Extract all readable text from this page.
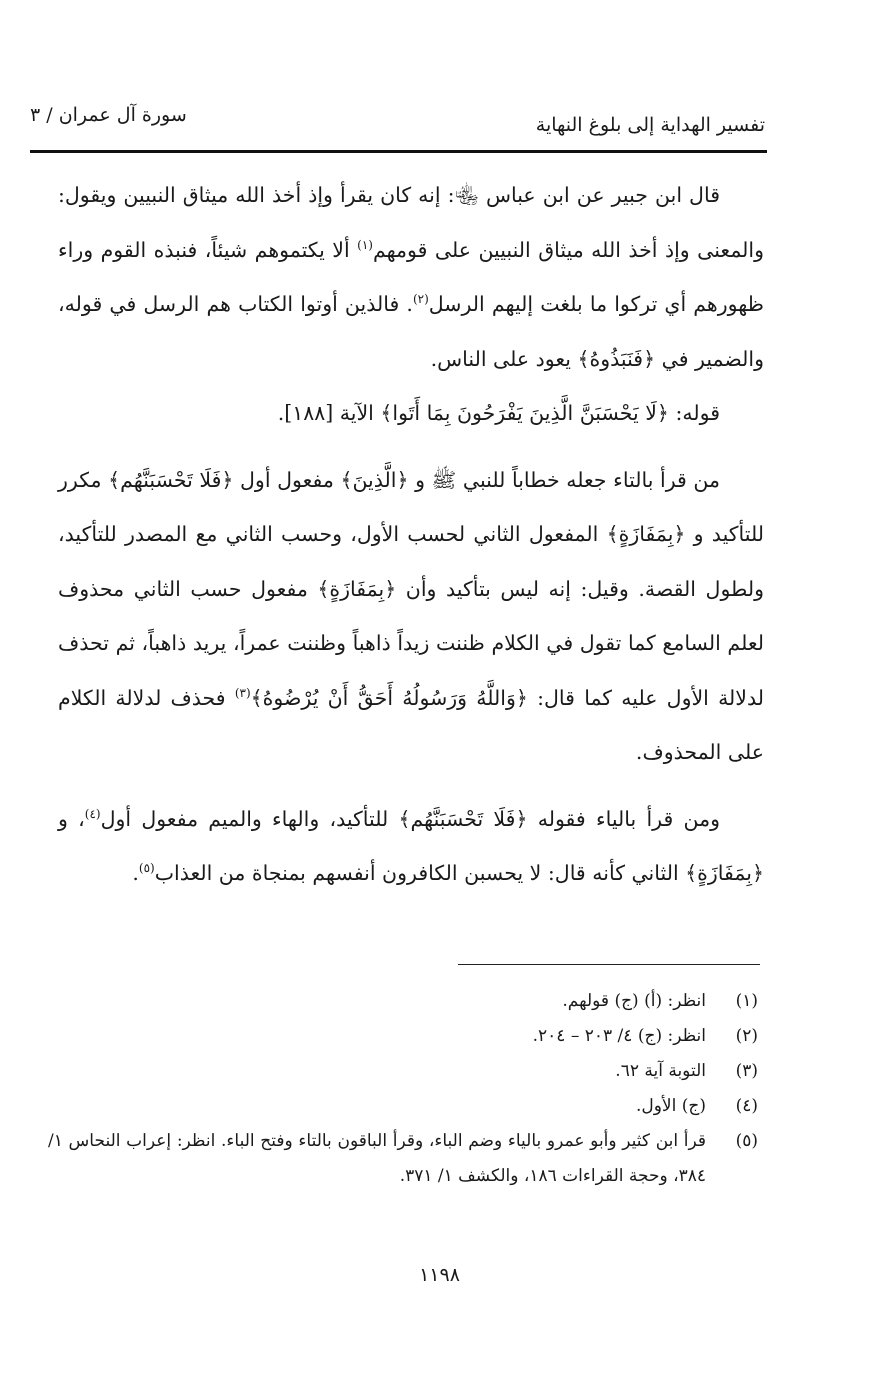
تفسير الهداية إلى بلوغ النهاية
سورة آل عمران / ٣

قال ابن جبير عن ابن عباس ﵄: إنه كان يقرأ وإذ أخذ الله ميثاق النبيين ويقول: والمعنى وإذ أخذ الله ميثاق النبيين على قومهم$^{(١)}$ ألا يكتموهم شيئاً، فنبذه القوم وراء ظهورهم أي تركوا ما بلغت إليهم الرسل$^{(٢)}$. فالذين أوتوا الكتاب هم الرسل في قوله، والضمير في ﴿فَنَبَذُوهُ﴾ يعود على الناس.

قوله: ﴿لَا يَحْسَبَنَّ الَّذِينَ يَفْرَحُونَ بِمَا أَتَوا﴾ الآية [١٨٨].

من قرأ بالتاء جعله خطاباً للنبي ﷺ و ﴿الَّذِينَ﴾ مفعول أول ﴿فَلَا تَحْسَبَنَّهُم﴾ مكرر للتأكيد و ﴿بِمَفَازَةٍ﴾ المفعول الثاني لحسب الأول، وحسب الثاني مع المصدر للتأكيد، ولطول القصة. وقيل: إنه ليس بتأكيد وأن ﴿بِمَفَازَةٍ﴾ مفعول حسب الثاني محذوف لعلم السامع كما تقول في الكلام ظننت زيداً ذاهباً وظننت عمراً، يريد ذاهباً، ثم تحذف لدلالة الأول عليه كما قال: ﴿وَاللَّهُ وَرَسُولُهُ أَحَقُّ أَنْ يُرْضُوهُ﴾$^{(٣)}$ فحذف لدلالة الكلام على المحذوف.

ومن قرأ بالياء فقوله ﴿فَلَا تَحْسَبَنَّهُم﴾ للتأكيد، والهاء والميم مفعول أول$^{(٤)}$، و ﴿بِمَفَازَةٍ﴾ الثاني كأنه قال: لا يحسبن الكافرون أنفسهم بمنجاة من العذاب$^{(٥)}$.

(١)
انظر: (أ) (ج) قولهم.
(٢)
انظر: (ج) ٤/ ٢٠٣ – ٢٠٤.
(٣)
التوبة آية ٦٢.
(٤)
(ج) الأول.
(٥)
قرأ ابن كثير وأبو عمرو بالياء وضم الباء، وقرأ الباقون بالتاء وفتح الباء. انظر: إعراب النحاس ١/ ٣٨٤، وحجة القراءات ١٨٦، والكشف ١/ ٣٧١.
١١٩٨
